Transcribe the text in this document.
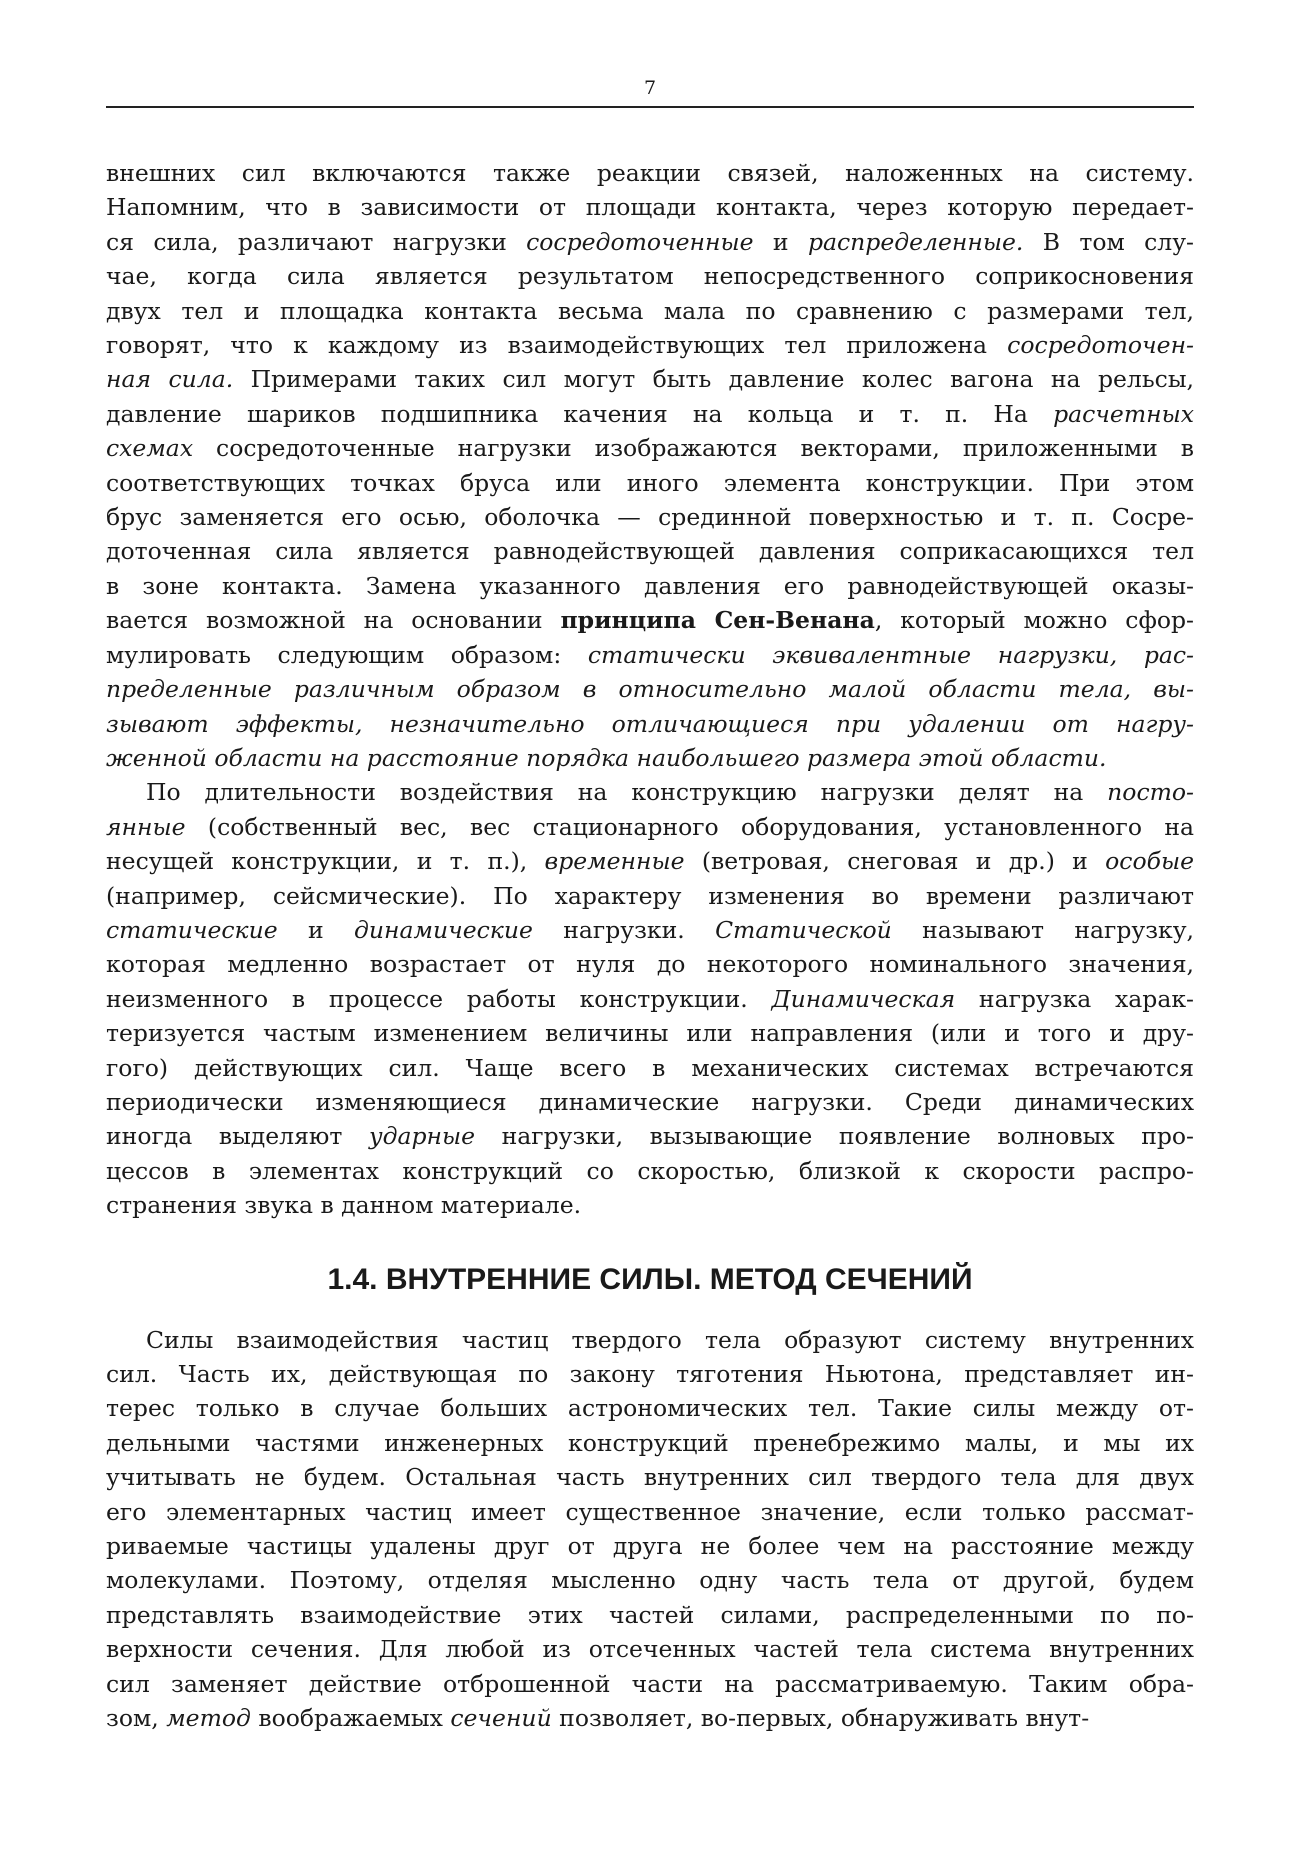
7

внешних сил включаются также реакции связей, наложенных на систему.
Напомним, что в зависимости от площади контакта, через которую передает-
ся сила, различают нагрузки сосредоточенные и распределенные. В том слу-
чае, когда сила является результатом непосредственного соприкосновения
двух тел и площадка контакта весьма мала по сравнению с размерами тел,
говорят, что к каждому из взаимодействующих тел приложена сосредоточен-
ная сила. Примерами таких сил могут быть давление колес вагона на рельсы,
давление шариков подшипника качения на кольца и т. п. На расчетных
схемах сосредоточенные нагрузки изображаются векторами, приложенными в
соответствующих точках бруса или иного элемента конструкции. При этом
брус заменяется его осью, оболочка — срединной поверхностью и т. п. Сосре-
доточенная сила является равнодействующей давления соприкасающихся тел
в зоне контакта. Замена указанного давления его равнодействующей оказы-
вается возможной на основании принципа Сен-Венана, который можно сфор-
мулировать следующим образом: статически эквивалентные нагрузки, рас-
пределенные различным образом в относительно малой области тела, вы-
зывают эффекты, незначительно отличающиеся при удалении от нагру-
женной области на расстояние порядка наибольшего размера этой области.

По длительности воздействия на конструкцию нагрузки делят на посто-
янные (собственный вес, вес стационарного оборудования, установленного на
несущей конструкции, и т. п.), временные (ветровая, снеговая и др.) и особые
(например, сейсмические). По характеру изменения во времени различают
статические и динамические нагрузки. Статической называют нагрузку,
которая медленно возрастает от нуля до некоторого номинального значения,
неизменного в процессе работы конструкции. Динамическая нагрузка харак-
теризуется частым изменением величины или направления (или и того и дру-
гого) действующих сил. Чаще всего в механических системах встречаются
периодически изменяющиеся динамические нагрузки. Среди динамических
иногда выделяют ударные нагрузки, вызывающие появление волновых про-
цессов в элементах конструкций со скоростью, близкой к скорости распро-
странения звука в данном материале.

1.4. ВНУТРЕННИЕ СИЛЫ. МЕТОД СЕЧЕНИЙ

Силы взаимодействия частиц твердого тела образуют систему внутренних
сил. Часть их, действующая по закону тяготения Ньютона, представляет ин-
терес только в случае больших астрономических тел. Такие силы между от-
дельными частями инженерных конструкций пренебрежимо малы, и мы их
учитывать не будем. Остальная часть внутренних сил твердого тела для двух
его элементарных частиц имеет существенное значение, если только рассмат-
риваемые частицы удалены друг от друга не более чем на расстояние между
молекулами. Поэтому, отделяя мысленно одну часть тела от другой, будем
представлять взаимодействие этих частей силами, распределенными по по-
верхности сечения. Для любой из отсеченных частей тела система внутренних
сил заменяет действие отброшенной части на рассматриваемую. Таким обра-
зом, метод воображаемых сечений позволяет, во-первых, обнаруживать внут-
